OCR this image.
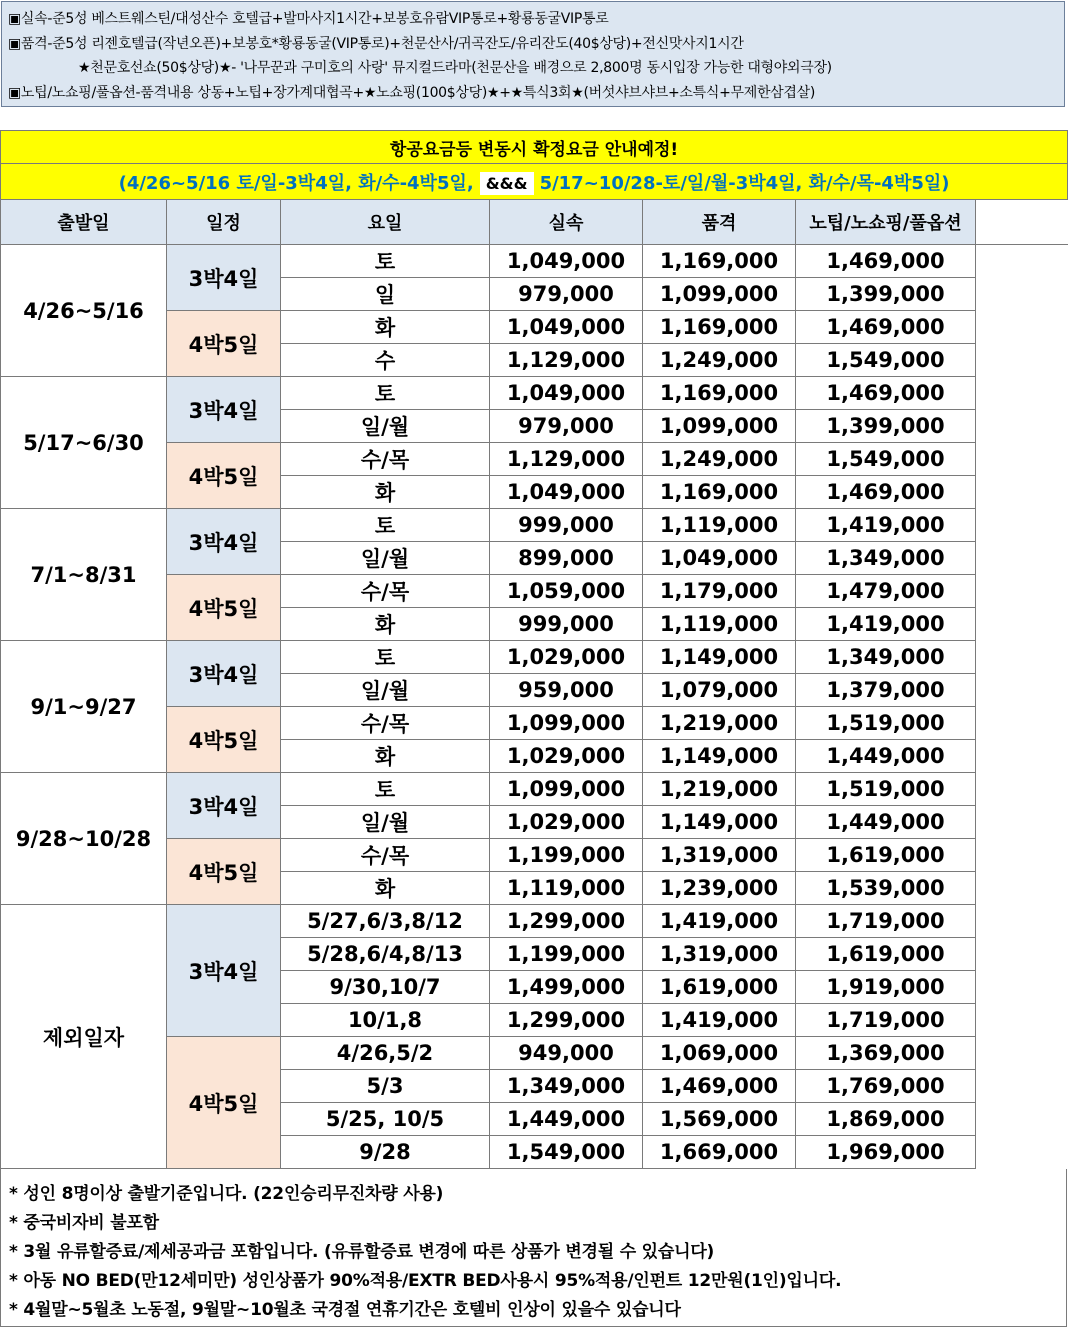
▣실속-준5성 베스트웨스틴/대성산수 호텔급+발마사지1시간+보봉호유람VIP통로+황룡동굴VIP통로
▣품격-준5성 리젠호텔급(작년오픈)+보봉호*황룡동굴(VIP통로)+천문산사/귀곡잔도/유리잔도(40$상당)+전신맛사지1시간
★천문호선쇼(50$상당)★- '나무꾼과 구미호의 사랑' 뮤지컬드라마(천문산을 배경으로 2,800명 동시입장 가능한 대형야외극장)
▣노팁/노쇼핑/풀옵션-품격내용 상동+노팁+장가계대협곡+★노쇼핑(100$상당)★+★특식3회★(버섯샤브샤브+소특식+무제한삼겹살)
항공요금등 변동시 확정요금 안내예정!						
(4/26~5/16 토/일-3박4일, 화/수-4박5일, &&& 5/17~10/28-토/일/월-3박4일, 화/수/목-4박5일)						
출발일	일정	요일	실속	품격	노팁/노쇼핑/풀옵션	
4/26~5/16	3박4일	토	1,049,000	1,169,000	1,469,000	
		일	979,000	1,099,000	1,399,000	
	4박5일	화	1,049,000	1,169,000	1,469,000	
		수	1,129,000	1,249,000	1,549,000	
5/17~6/30	3박4일	토	1,049,000	1,169,000	1,469,000	
		일/월	979,000	1,099,000	1,399,000	
	4박5일	수/목	1,129,000	1,249,000	1,549,000	
		화	1,049,000	1,169,000	1,469,000	
7/1~8/31	3박4일	토	999,000	1,119,000	1,419,000	
		일/월	899,000	1,049,000	1,349,000	
	4박5일	수/목	1,059,000	1,179,000	1,479,000	
		화	999,000	1,119,000	1,419,000	
9/1~9/27	3박4일	토	1,029,000	1,149,000	1,349,000	
		일/월	959,000	1,079,000	1,379,000	
	4박5일	수/목	1,099,000	1,219,000	1,519,000	
		화	1,029,000	1,149,000	1,449,000	
9/28~10/28	3박4일	토	1,099,000	1,219,000	1,519,000	
		일/월	1,029,000	1,149,000	1,449,000	
	4박5일	수/목	1,199,000	1,319,000	1,619,000	
		화	1,119,000	1,239,000	1,539,000	
제외일자	3박4일	5/27,6/3,8/12	1,299,000	1,419,000	1,719,000	
		5/28,6/4,8/13	1,199,000	1,319,000	1,619,000	
		9/30,10/7	1,499,000	1,619,000	1,919,000	
		10/1,8	1,299,000	1,419,000	1,719,000	
	4박5일	4/26,5/2	949,000	1,069,000	1,369,000	
		5/3	1,349,000	1,469,000	1,769,000	
		5/25, 10/5	1,449,000	1,569,000	1,869,000	
		9/28	1,549,000	1,669,000	1,969,000	
* 성인 8명이상 출발기준입니다. (22인승리무진차량 사용)
* 중국비자비 불포함
* 3월 유류할증료/제세공과금 포함입니다. (유류할증료 변경에 따른 상품가 변경될 수 있습니다)
* 아동 NO BED(만12세미만) 성인상품가 90%적용/EXTR BED사용시 95%적용/인펀트 12만원(1인)입니다.
* 4월말~5월초 노동절, 9월말~10월초 국경절 연휴기간은 호텔비 인상이 있을수 있습니다
